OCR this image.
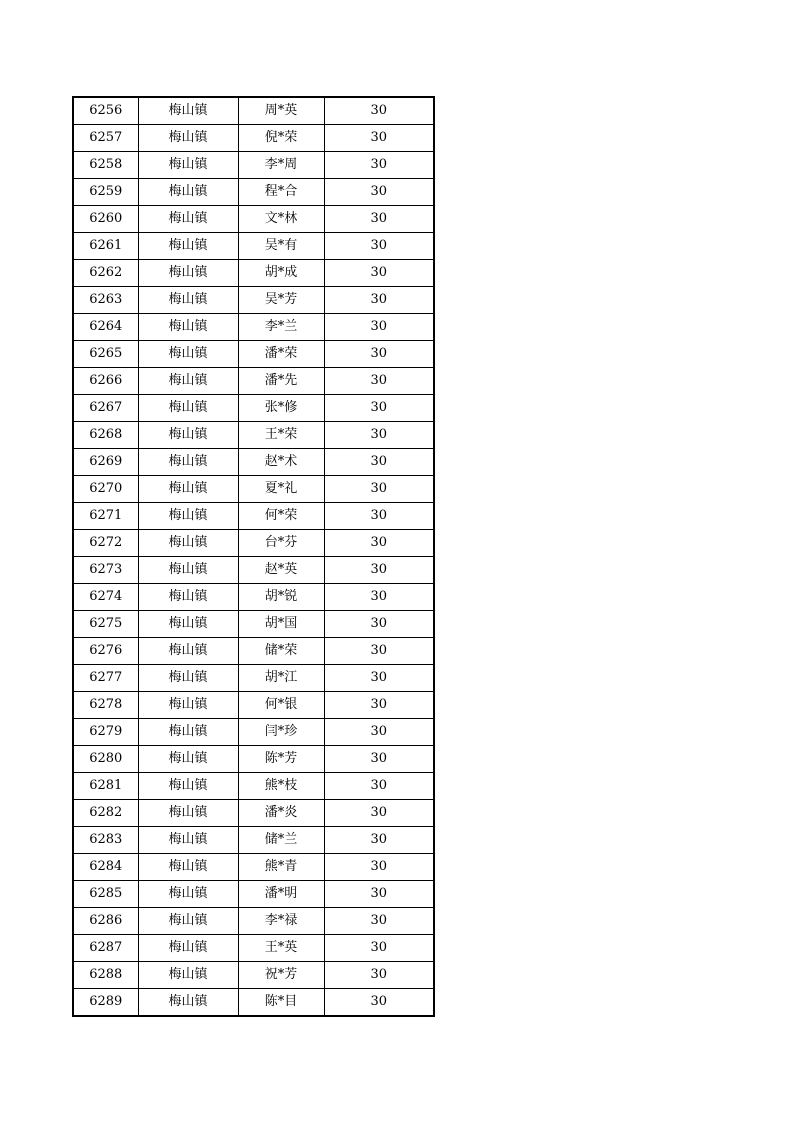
6256	梅山镇	周*英	30
6257	梅山镇	倪*荣	30
6258	梅山镇	李*周	30
6259	梅山镇	程*合	30
6260	梅山镇	文*林	30
6261	梅山镇	吴*有	30
6262	梅山镇	胡*成	30
6263	梅山镇	吴*芳	30
6264	梅山镇	李*兰	30
6265	梅山镇	潘*荣	30
6266	梅山镇	潘*先	30
6267	梅山镇	张*修	30
6268	梅山镇	王*荣	30
6269	梅山镇	赵*术	30
6270	梅山镇	夏*礼	30
6271	梅山镇	何*荣	30
6272	梅山镇	台*芬	30
6273	梅山镇	赵*英	30
6274	梅山镇	胡*锐	30
6275	梅山镇	胡*国	30
6276	梅山镇	储*荣	30
6277	梅山镇	胡*江	30
6278	梅山镇	何*银	30
6279	梅山镇	闫*珍	30
6280	梅山镇	陈*芳	30
6281	梅山镇	熊*枝	30
6282	梅山镇	潘*炎	30
6283	梅山镇	储*兰	30
6284	梅山镇	熊*青	30
6285	梅山镇	潘*明	30
6286	梅山镇	李*禄	30
6287	梅山镇	王*英	30
6288	梅山镇	祝*芳	30
6289	梅山镇	陈*目	30
